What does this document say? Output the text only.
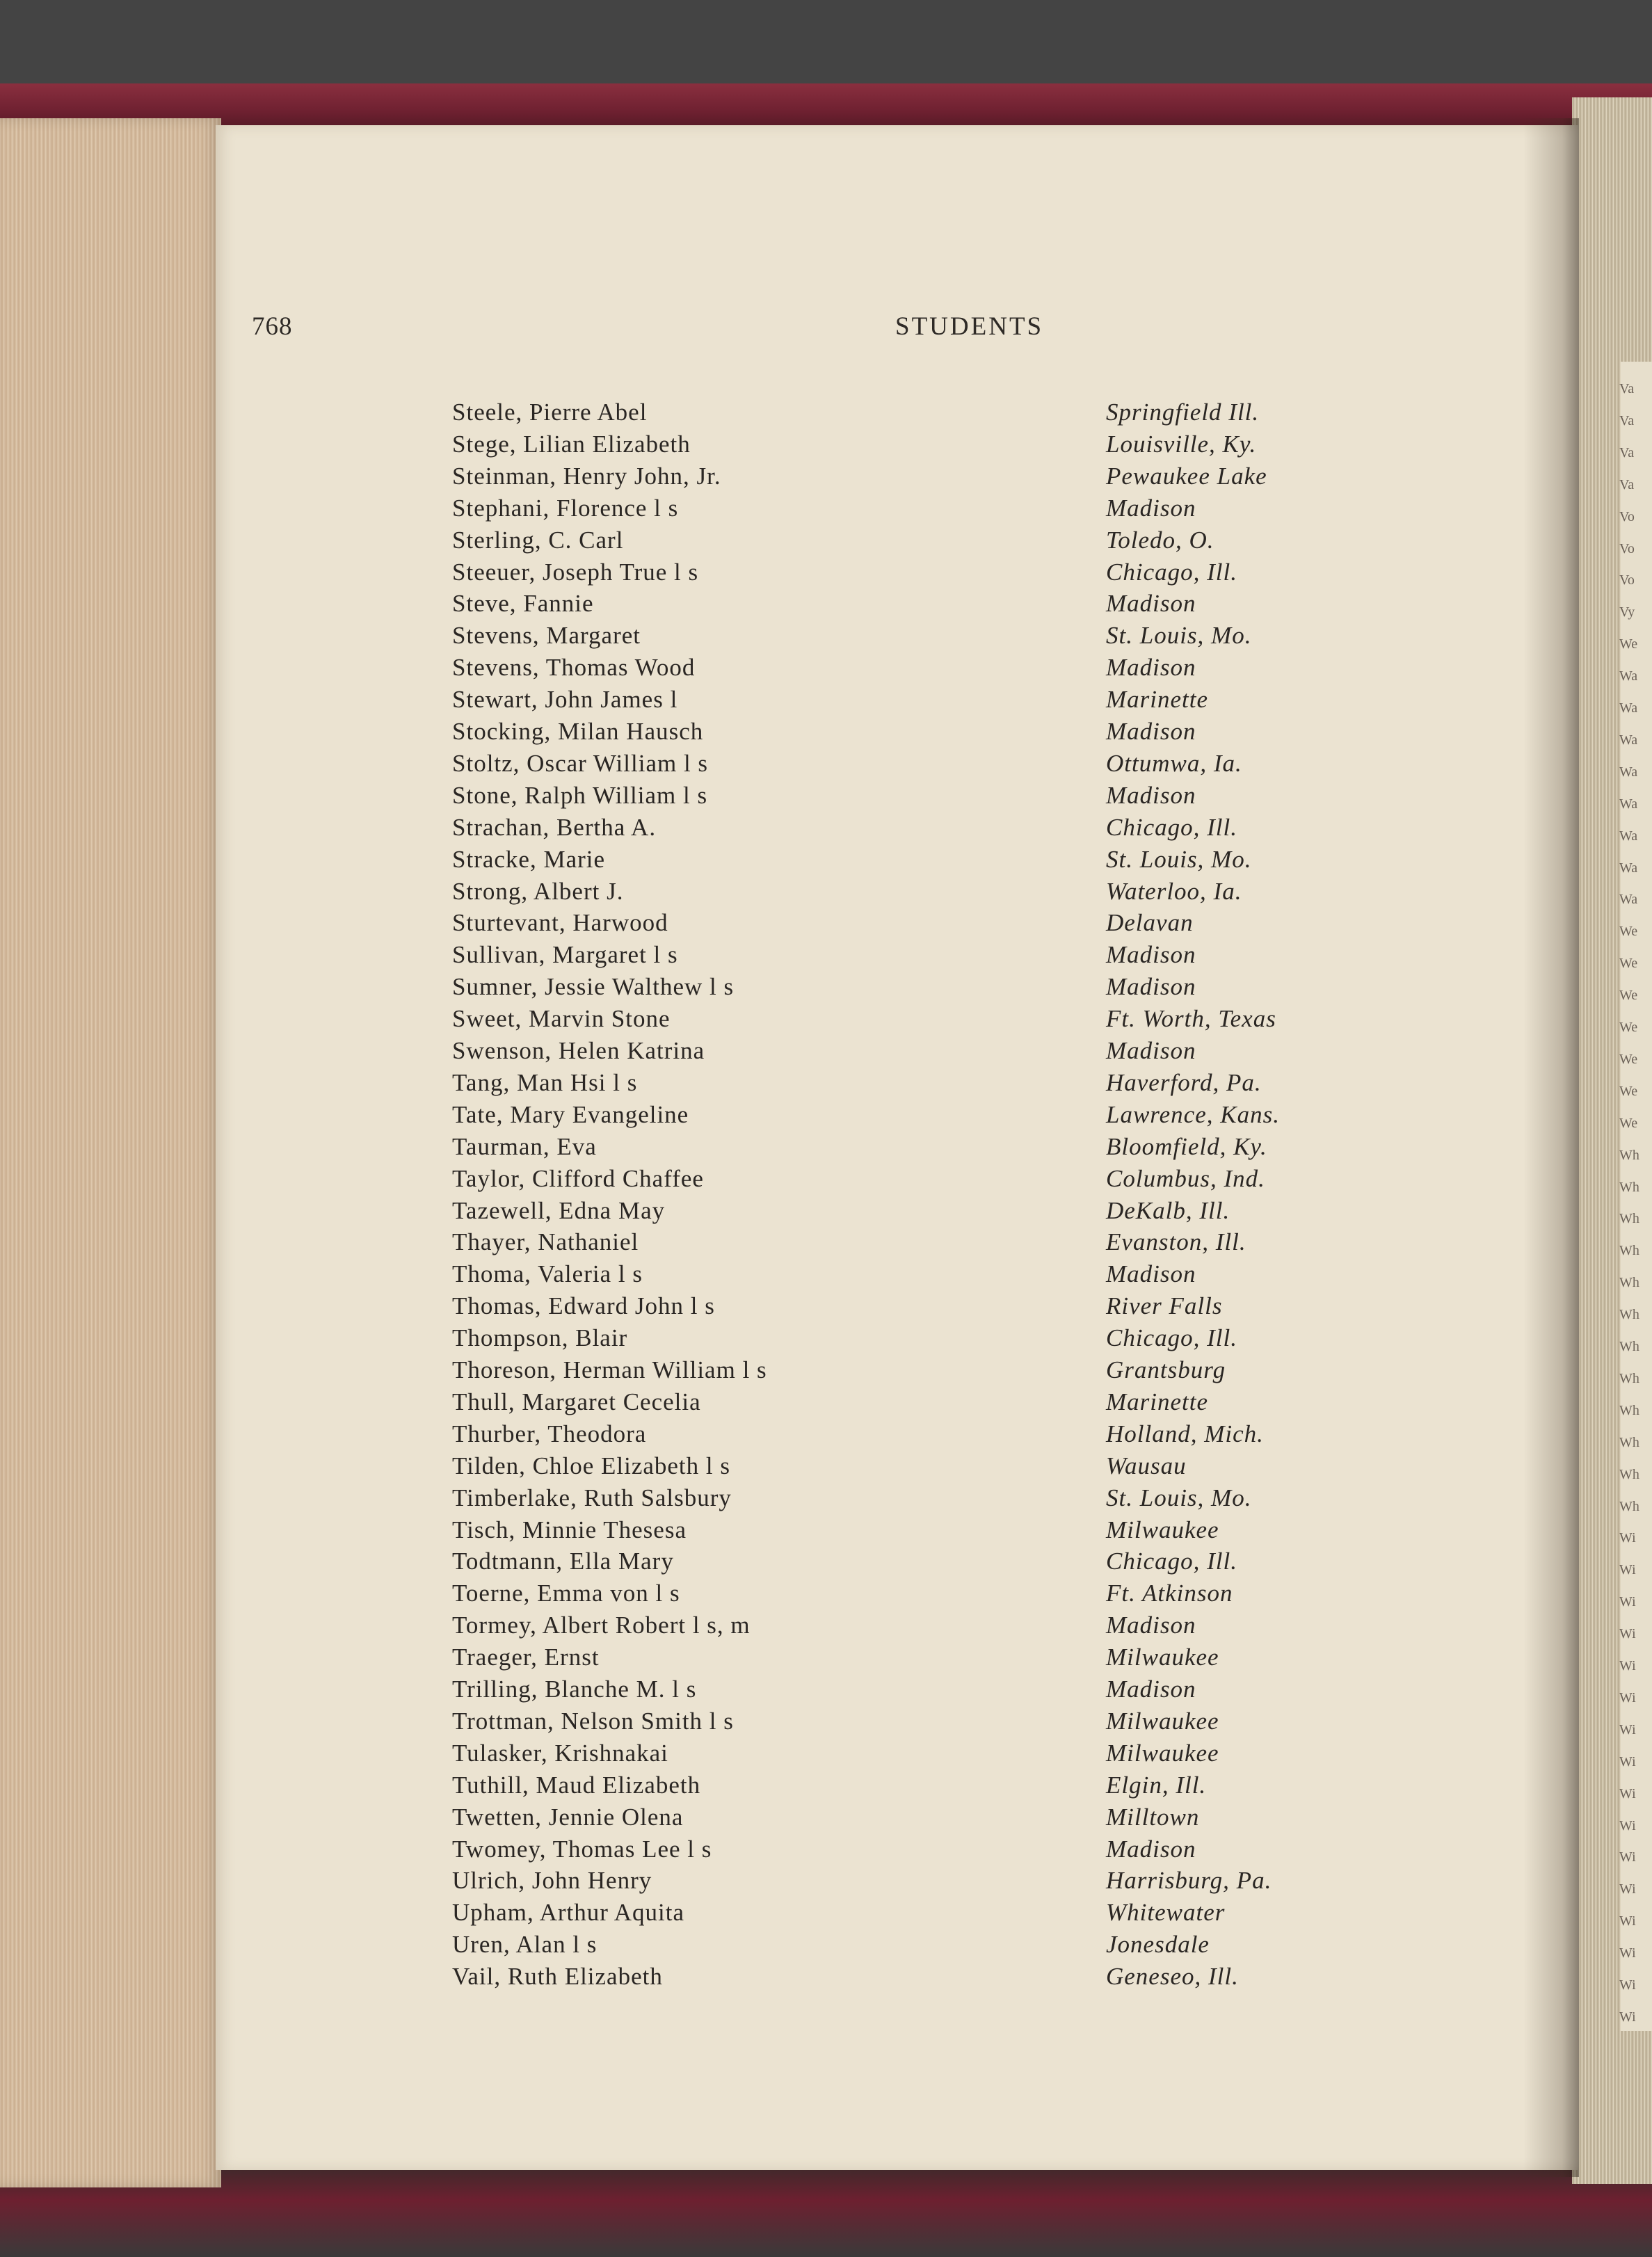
Va
Va
Va
Va
Vo
Vo
Vo
Vy
We
Wa
Wa
Wa
Wa
Wa
Wa
Wa
Wa
We
We
We
We
We
We
We
Wh
Wh
Wh
Wh
Wh
Wh
Wh
Wh
Wh
Wh
Wh
Wh
Wi
Wi
Wi
Wi
Wi
Wi
Wi
Wi
Wi
Wi
Wi
Wi
Wi
Wi
Wi
Wi
768	STUDENTS
Steele, Pierre Abel	Springfield Ill.
Stege, Lilian Elizabeth	Louisville, Ky.
Steinman, Henry John, Jr.	Pewaukee Lake
Stephani, Florence l s	Madison
Sterling, C. Carl	Toledo, O.
Steeuer, Joseph True l s	Chicago, Ill.
Steve, Fannie	Madison
Stevens, Margaret	St. Louis, Mo.
Stevens, Thomas Wood	Madison
Stewart, John James l	Marinette
Stocking, Milan Hausch	Madison
Stoltz, Oscar William l s	Ottumwa, Ia.
Stone, Ralph William l s	Madison
Strachan, Bertha A.	Chicago, Ill.
Stracke, Marie	St. Louis, Mo.
Strong, Albert J.	Waterloo, Ia.
Sturtevant, Harwood	Delavan
Sullivan, Margaret l s	Madison
Sumner, Jessie Walthew l s	Madison
Sweet, Marvin Stone	Ft. Worth, Texas
Swenson, Helen Katrina	Madison
Tang, Man Hsi l s	Haverford, Pa.
Tate, Mary Evangeline	Lawrence, Kans.
Taurman, Eva	Bloomfield, Ky.
Taylor, Clifford Chaffee	Columbus, Ind.
Tazewell, Edna May	DeKalb, Ill.
Thayer, Nathaniel	Evanston, Ill.
Thoma, Valeria l s	Madison
Thomas, Edward John l s	River Falls
Thompson, Blair	Chicago, Ill.
Thoreson, Herman William l s	Grantsburg
Thull, Margaret Cecelia	Marinette
Thurber, Theodora	Holland, Mich.
Tilden, Chloe Elizabeth l s	Wausau
Timberlake, Ruth Salsbury	St. Louis, Mo.
Tisch, Minnie Thesesa	Milwaukee
Todtmann, Ella Mary	Chicago, Ill.
Toerne, Emma von l s	Ft. Atkinson
Tormey, Albert Robert l s, m	Madison
Traeger, Ernst	Milwaukee
Trilling, Blanche M. l s	Madison
Trottman, Nelson Smith l s	Milwaukee
Tulasker, Krishnakai	Milwaukee
Tuthill, Maud Elizabeth	Elgin, Ill.
Twetten, Jennie Olena	Milltown
Twomey, Thomas Lee l s	Madison
Ulrich, John Henry	Harrisburg, Pa.
Upham, Arthur Aquita	Whitewater
Uren, Alan l s	Jonesdale
Vail, Ruth Elizabeth	Geneseo, Ill.
